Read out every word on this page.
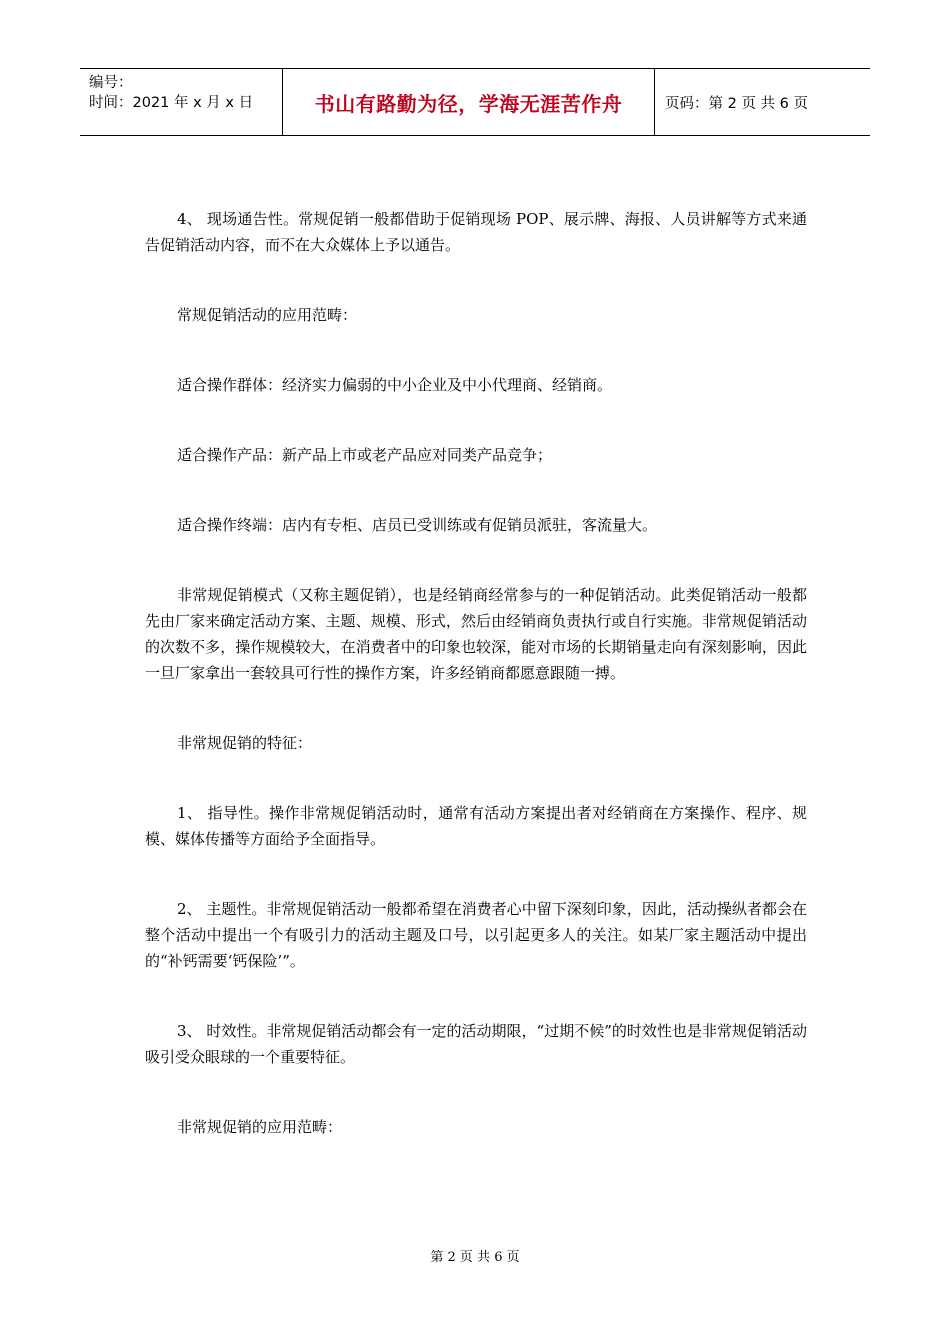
编号：
时间：2021 年 x 月 x 日	书山有路勤为径，学海无涯苦作舟	页码：第 2 页 共 6 页

4、 现场通告性。常规促销一般都借助于促销现场 POP、展示牌、海报、人员讲解等方式来通告促销活动内容，而不在大众媒体上予以通告。

常规促销活动的应用范畴：

适合操作群体：经济实力偏弱的中小企业及中小代理商、经销商。

适合操作产品：新产品上市或老产品应对同类产品竞争；

适合操作终端：店内有专柜、店员已受训练或有促销员派驻，客流量大。

非常规促销模式（又称主题促销），也是经销商经常参与的一种促销活动。此类促销活动一般都先由厂家来确定活动方案、主题、规模、形式，然后由经销商负责执行或自行实施。非常规促销活动的次数不多，操作规模较大，在消费者中的印象也较深，能对市场的长期销量走向有深刻影响，因此一旦厂家拿出一套较具可行性的操作方案，许多经销商都愿意跟随一搏。

非常规促销的特征：

1、 指导性。操作非常规促销活动时，通常有活动方案提出者对经销商在方案操作、程序、规模、媒体传播等方面给予全面指导。

2、 主题性。非常规促销活动一般都希望在消费者心中留下深刻印象，因此，活动操纵者都会在整个活动中提出一个有吸引力的活动主题及口号，以引起更多人的关注。如某厂家主题活动中提出的“补钙需要‘钙保险’”。

3、 时效性。非常规促销活动都会有一定的活动期限，“过期不候”的时效性也是非常规促销活动吸引受众眼球的一个重要特征。

非常规促销的应用范畴：

第 2 页 共 6 页
